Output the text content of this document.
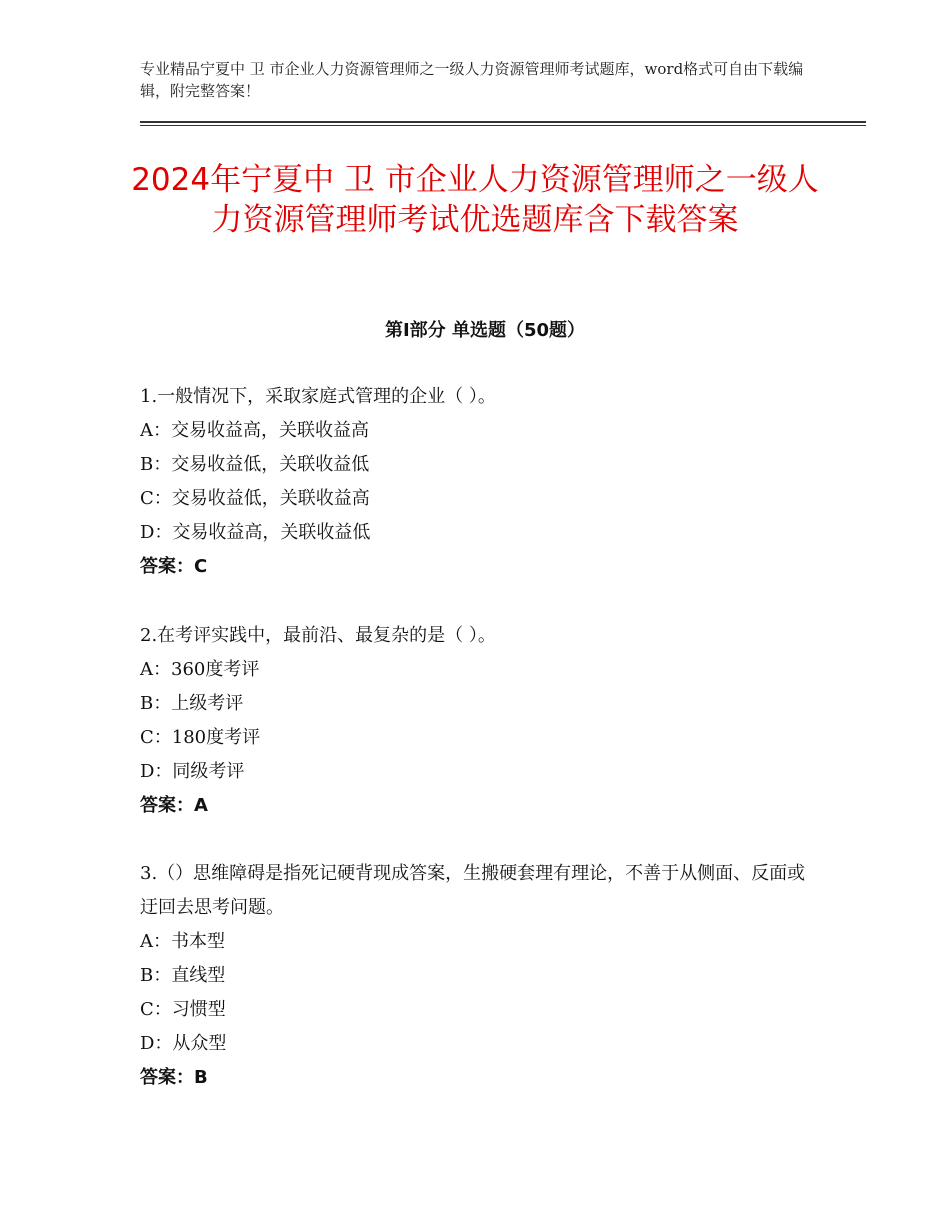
专业精品宁夏中 卫 市企业人力资源管理师之一级人力资源管理师考试题库，word格式可自由下载编辑，附完整答案！
2024年宁夏中 卫 市企业人力资源管理师之一级人力资源管理师考试优选题库含下载答案
第Ⅰ部分 单选题（50题）
1.一般情况下，采取家庭式管理的企业（ ）。
A：交易收益高，关联收益高
B：交易收益低，关联收益低
C：交易收益低，关联收益高
D：交易收益高，关联收益低
答案：C
2.在考评实践中，最前沿、最复杂的是（ ）。
A：360度考评
B：上级考评
C：180度考评
D：同级考评
答案：A
3.（）思维障碍是指死记硬背现成答案，生搬硬套理有理论，不善于从侧面、反面或迂回去思考问题。
A：书本型
B：直线型
C：习惯型
D：从众型
答案：B
